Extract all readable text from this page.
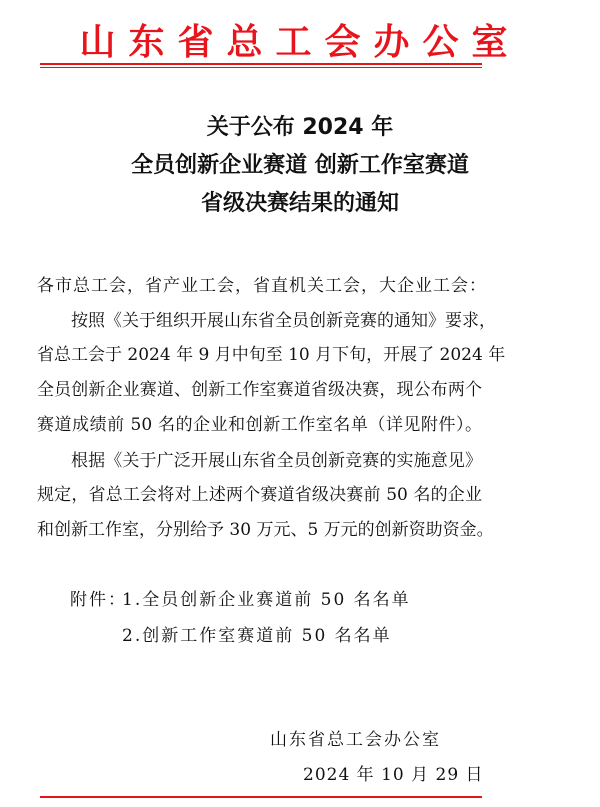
山东省总工会办公室
关于公布 2024 年
全员创新企业赛道 创新工作室赛道
省级决赛结果的通知
各市总工会，省产业工会，省直机关工会，大企业工会：
按照《关于组织开展山东省全员创新竞赛的通知》要求，
省总工会于 2024 年 9 月中旬至 10 月下旬，开展了 2024 年
全员创新企业赛道、创新工作室赛道省级决赛，现公布两个
赛道成绩前 50 名的企业和创新工作室名单（详见附件）。
根据《关于广泛开展山东省全员创新竞赛的实施意见》
规定，省总工会将对上述两个赛道省级决赛前 50 名的企业
和创新工作室，分别给予 30 万元、5 万元的创新资助资金。
附件：
1.全员创新企业赛道前 50 名名单
2.创新工作室赛道前 50 名名单
山东省总工会办公室
2024 年 10 月 29 日
